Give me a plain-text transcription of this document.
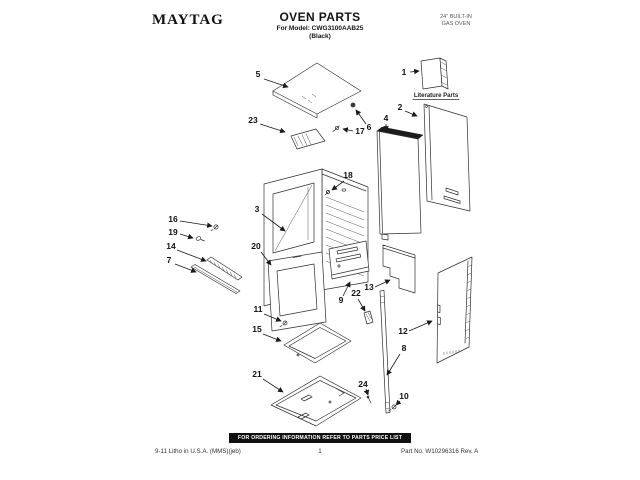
MAYTAG	OVEN PARTS
For Model: CWG3100AAB25
(Black)
24" BUILT-IN
GAS OVEN
Literature Parts
1
2
3
4
5
6
7
8
9
10
11
12
13
14
15
16
17
18
19
20
21
22
23
24
FOR ORDERING INFORMATION REFER TO PARTS PRICE LIST
9-11 Litho in U.S.A. (MMS)(jeb)	1	Part No. W10296316 Rev. A
